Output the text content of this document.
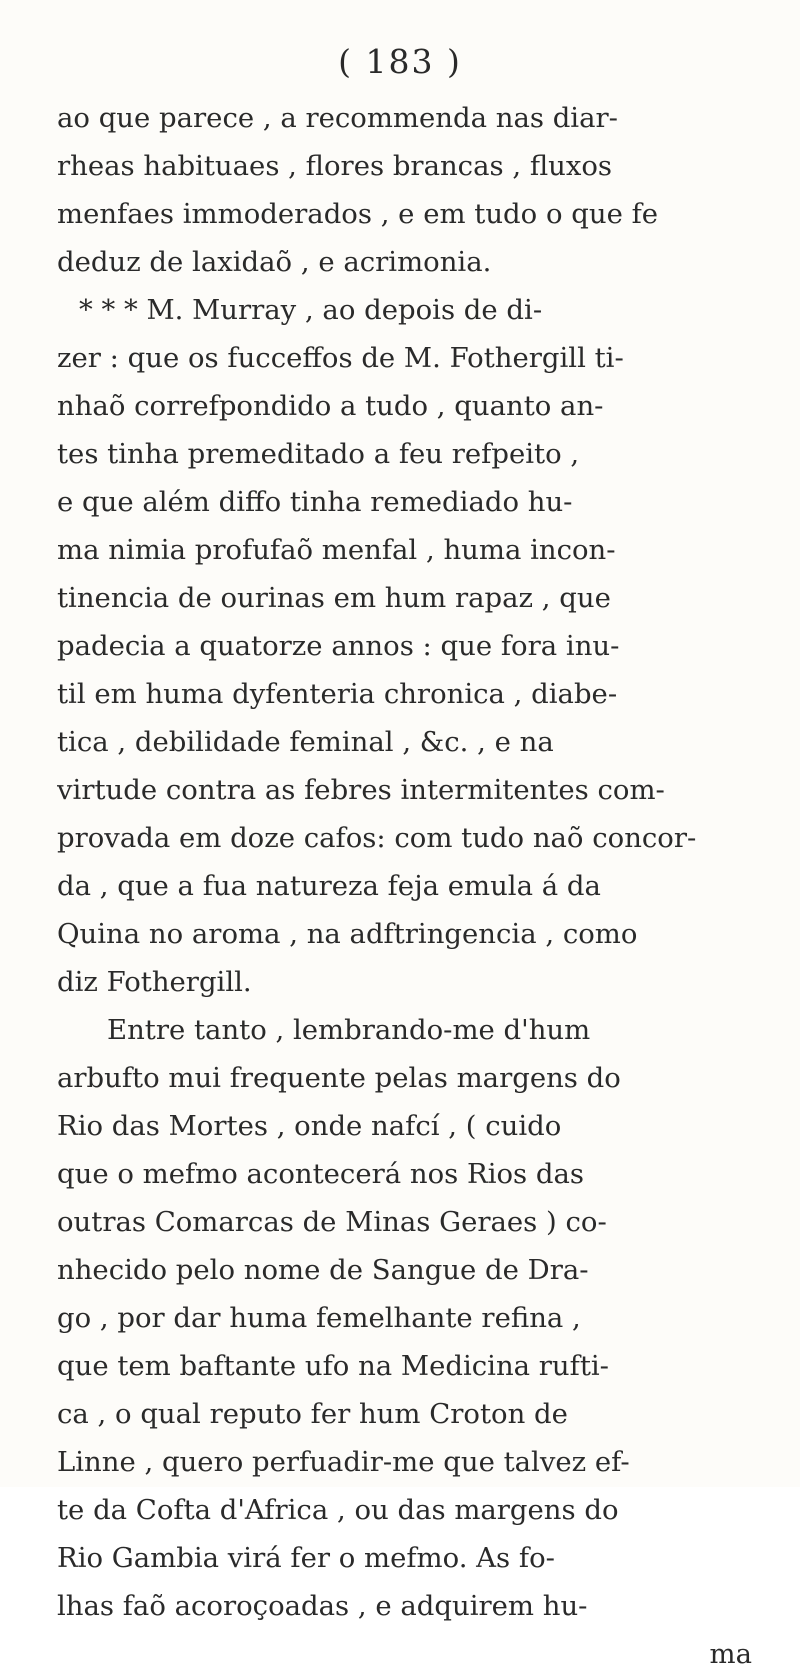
( 183 )
ao que parece , a recommenda nas diar-
rheas habituaes , flores brancas , fluxos
menfaes immoderados , e em tudo o que fe
deduz de laxidaõ , e acrimonia.
* * * M. Murray , ao depois de di-
zer : que os fucceffos de M. Fothergill ti-
nhaõ correfpondido a tudo , quanto an-
tes tinha premeditado a feu refpeito ,
e que além diffo tinha remediado hu-
ma nimia profufaõ menfal , huma incon-
tinencia de ourinas em hum rapaz , que
padecia a quatorze annos : que fora inu-
til em huma dyfenteria chronica , diabe-
tica , debilidade feminal , &c. , e na
virtude contra as febres intermitentes com-
provada em doze cafos: com tudo naõ concor-
da , que a fua natureza feja emula á da
Quina no aroma , na adftringencia , como
diz Fothergill.
Entre tanto , lembrando-me d'hum
arbufto mui frequente pelas margens do
Rio das Mortes , onde nafcí , ( cuido
que o mefmo acontecerá nos Rios das
outras Comarcas de Minas Geraes ) co-
nhecido pelo nome de Sangue de Dra-
go , por dar huma femelhante refina ,
que tem baftante ufo na Medicina rufti-
ca , o qual reputo fer hum Croton de
Linne , quero perfuadir-me que talvez ef-
te da Cofta d'Africa , ou das margens do
Rio Gambia virá fer o mefmo. As fo-
lhas faõ acoroçoadas , e adquirem hu-
ma
